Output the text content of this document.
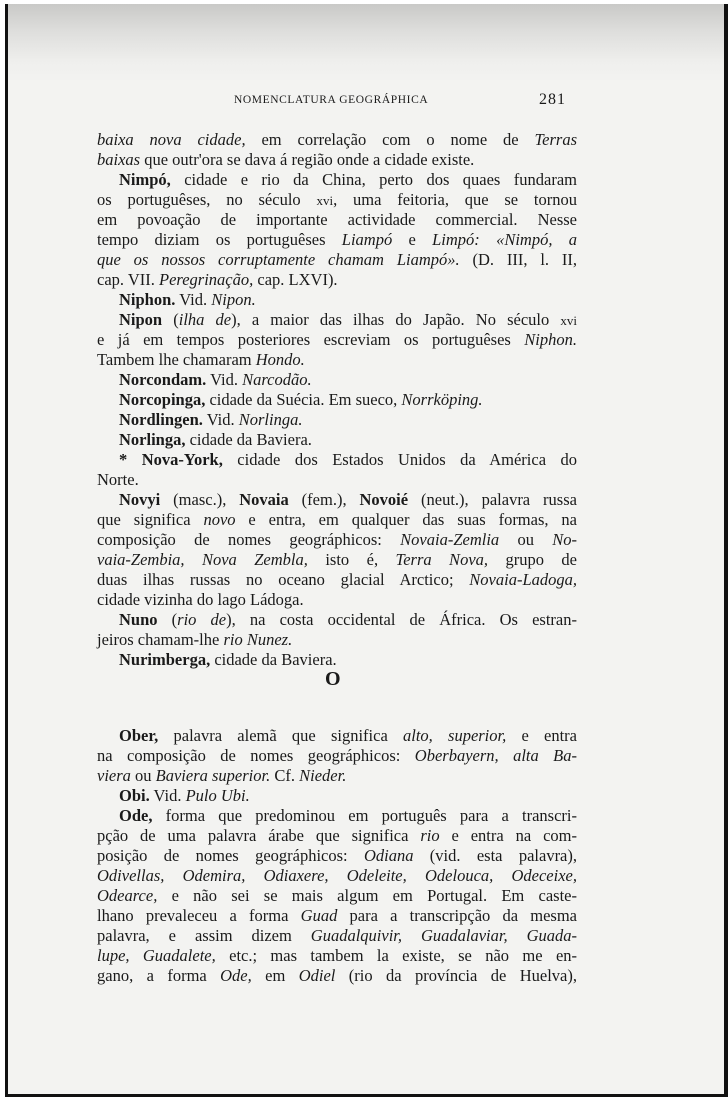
NOMENCLATURA GEOGRÁPHICA	281
baixa nova cidade, em correlação com o nome de Terras
baixas que outr'ora se dava á região onde a cidade existe.
Nimpó, cidade e rio da China, perto dos quaes fundaram
os portuguêses, no século xvi, uma feitoria, que se tornou
em povoação de importante actividade commercial. Nesse
tempo diziam os portuguêses Liampó e Limpó: «Nimpó, a
que os nossos corruptamente chamam Liampó». (D. III, l. II,
cap. VII. Peregrinação, cap. LXVI).
Niphon. Vid. Nipon.
Nipon (ilha de), a maior das ilhas do Japão. No século xvi
e já em tempos posteriores escreviam os portuguêses Niphon.
Tambem lhe chamaram Hondo.
Norcondam. Vid. Narcodão.
Norcopinga, cidade da Suécia. Em sueco, Norrköping.
Nordlingen. Vid. Norlinga.
Norlinga, cidade da Baviera.
* Nova-York, cidade dos Estados Unidos da América do
Norte.
Novyi (masc.), Novaia (fem.), Novoié (neut.), palavra russa
que significa novo e entra, em qualquer das suas formas, na
composição de nomes geográphicos: Novaia-Zemlia ou No-
vaia-Zembia, Nova Zembla, isto é, Terra Nova, grupo de
duas ilhas russas no oceano glacial Arctico; Novaia-Ladoga,
cidade vizinha do lago Ládoga.
Nuno (rio de), na costa occidental de África. Os estran-
jeiros chamam-lhe rio Nunez.
Nurimberga, cidade da Baviera.
Ober, palavra alemã que significa alto, superior, e entra
na composição de nomes geográphicos: Oberbayern, alta Ba-
viera ou Baviera superior. Cf. Nieder.
Obi. Vid. Pulo Ubi.
Ode, forma que predominou em português para a transcri-
pção de uma palavra árabe que significa rio e entra na com-
posição de nomes geográphicos: Odiana (vid. esta palavra),
Odivellas, Odemira, Odiaxere, Odeleite, Odelouca, Odeceixe,
Odearce, e não sei se mais algum em Portugal. Em caste-
lhano prevaleceu a forma Guad para a transcripção da mesma
palavra, e assim dizem Guadalquivir, Guadalaviar, Guada-
lupe, Guadalete, etc.; mas tambem la existe, se não me en-
gano, a forma Ode, em Odiel (rio da província de Huelva),
O
